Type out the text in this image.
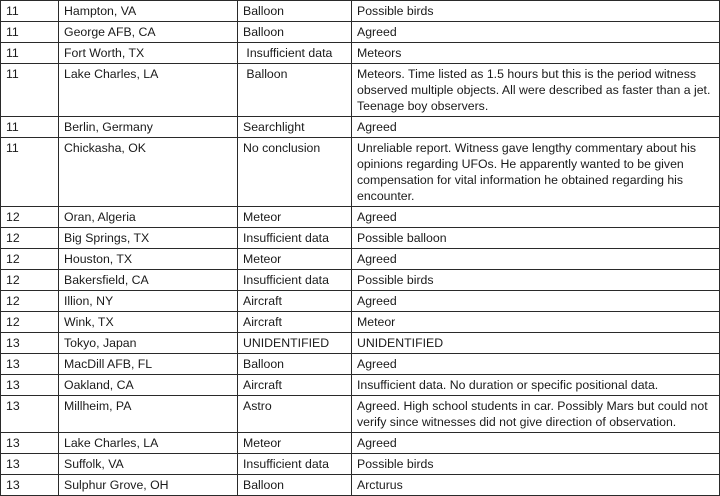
11	Hampton, VA	Balloon	Possible birds
11	George AFB, CA	Balloon	Agreed
11	Fort Worth, TX	Insufficient data	Meteors
11	Lake Charles, LA	Balloon	Meteors. Time listed as 1.5 hours but this is the period witness observed multiple objects. All were described as faster than a jet. Teenage boy observers.
11	Berlin, Germany	Searchlight	Agreed
11	Chickasha, OK	No conclusion	Unreliable report. Witness gave lengthy commentary about his opinions regarding UFOs. He apparently wanted to be given compensation for vital information he obtained regarding his encounter.
12	Oran, Algeria	Meteor	Agreed
12	Big Springs, TX	Insufficient data	Possible balloon
12	Houston, TX	Meteor	Agreed
12	Bakersfield, CA	Insufficient data	Possible birds
12	Illion, NY	Aircraft	Agreed
12	Wink, TX	Aircraft	Meteor
13	Tokyo, Japan	UNIDENTIFIED	UNIDENTIFIED
13	MacDill AFB, FL	Balloon	Agreed
13	Oakland, CA	Aircraft	Insufficient data. No duration or specific positional data.
13	Millheim, PA	Astro	Agreed. High school students in car. Possibly Mars but could not verify since witnesses did not give direction of observation.
13	Lake Charles, LA	Meteor	Agreed
13	Suffolk, VA	Insufficient data	Possible birds
13	Sulphur Grove, OH	Balloon	Arcturus
